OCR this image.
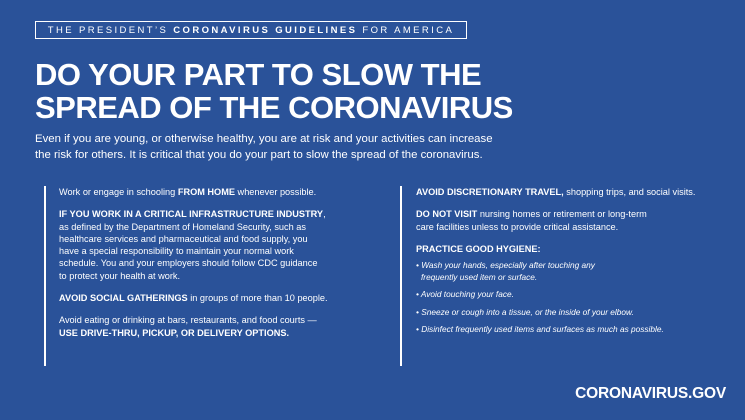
THE PRESIDENT’S CORONAVIRUS GUIDELINES FOR AMERICA
DO YOUR PART TO SLOW THE
SPREAD OF THE CORONAVIRUS

Even if you are young, or otherwise healthy, you are at risk and your activities can increase
the risk for others. It is critical that you do your part to slow the spread of the coronavirus.

Work or engage in schooling FROM HOME whenever possible.

IF YOU WORK IN A CRITICAL INFRASTRUCTURE INDUSTRY,
as defined by the Department of Homeland Security, such as
healthcare services and pharmaceutical and food supply, you
have a special responsibility to maintain your normal work
schedule. You and your employers should follow CDC guidance
to protect your health at work.

AVOID SOCIAL GATHERINGS in groups of more than 10 people.

Avoid eating or drinking at bars, restaurants, and food courts —
USE DRIVE-THRU, PICKUP, OR DELIVERY OPTIONS.

AVOID DISCRETIONARY TRAVEL, shopping trips, and social visits.

DO NOT VISIT nursing homes or retirement or long-term
care facilities unless to provide critical assistance.

PRACTICE GOOD HYGIENE:

• Wash your hands, especially after touching any
frequently used item or surface.
• Avoid touching your face.
• Sneeze or cough into a tissue, or the inside of your elbow.
• Disinfect frequently used items and surfaces as much as possible.
CORONAVIRUS.GOV
